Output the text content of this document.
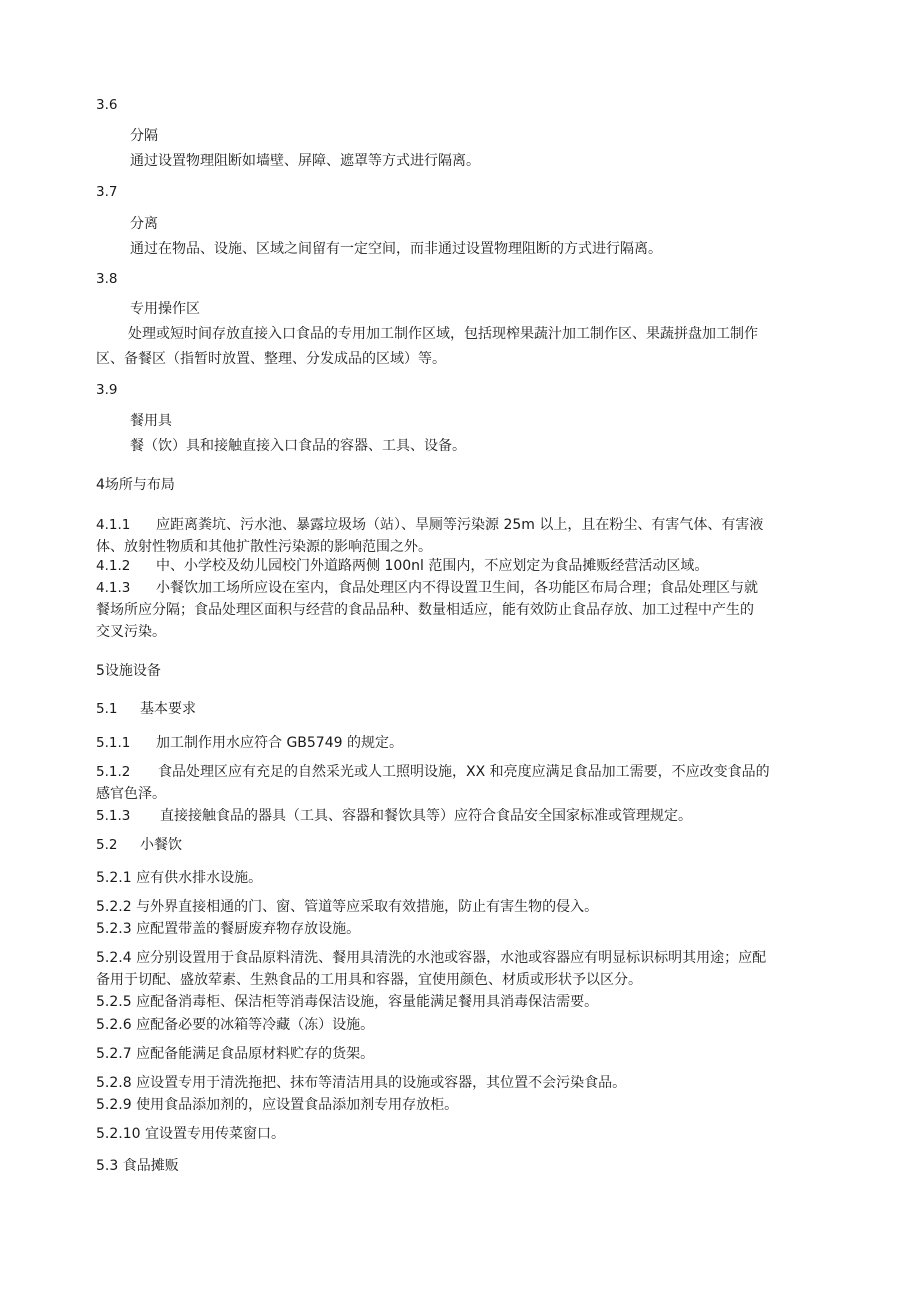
3.6
分隔
通过设置物理阻断如墙壁、屏障、遮罩等方式进行隔离。
3.7
分离
通过在物品、设施、区域之间留有一定空间，而非通过设置物理阻断的方式进行隔离。
3.8
专用操作区
处理或短时间存放直接入口食品的专用加工制作区域，包括现榨果蔬汁加工制作区、果蔬拼盘加工制作
区、备餐区（指暂时放置、整理、分发成品的区域）等。
3.9
餐用具
餐（饮）具和接触直接入口食品的容器、工具、设备。
4场所与布局
4.1.1 应距离粪坑、污水池、暴露垃圾场（站）、旱厕等污染源 25m 以上，且在粉尘、有害气体、有害液
体、放射性物质和其他扩散性污染源的影响范围之外。
4.1.2 中、小学校及幼儿园校门外道路两侧 100nl 范围内，不应划定为食品摊贩经营活动区域。
4.1.3 小餐饮加工场所应设在室内，食品处理区内不得设置卫生间，各功能区布局合理；食品处理区与就
餐场所应分隔；食品处理区面积与经营的食品品种、数量相适应，能有效防止食品存放、加工过程中产生的
交叉污染。
5设施设备
5.1 基本要求
5.1.1 加工制作用水应符合 GB5749 的规定。
5.1.2 食品处理区应有充足的自然采光或人工照明设施，XX 和亮度应满足食品加工需要，不应改变食品的
感官色泽。
5.1.3 直接接触食品的器具（工具、容器和餐饮具等）应符合食品安全国家标准或管理规定。
5.2 小餐饮
5.2.1 应有供水排水设施。
5.2.2 与外界直接相通的门、窗、管道等应采取有效措施，防止有害生物的侵入。
5.2.3 应配置带盖的餐厨废弃物存放设施。
5.2.4 应分别设置用于食品原料清洗、餐用具清洗的水池或容器，水池或容器应有明显标识标明其用途；应配
备用于切配、盛放荤素、生熟食品的工用具和容器，宜使用颜色、材质或形状予以区分。
5.2.5 应配备消毒柜、保洁柜等消毒保洁设施，容量能满足餐用具消毒保洁需要。
5.2.6 应配备必要的冰箱等冷藏（冻）设施。
5.2.7 应配备能满足食品原材料贮存的货架。
5.2.8 应设置专用于清洗拖把、抹布等清洁用具的设施或容器，其位置不会污染食品。
5.2.9 使用食品添加剂的，应设置食品添加剂专用存放柜。
5.2.10 宜设置专用传菜窗口。
5.3 食品摊贩
